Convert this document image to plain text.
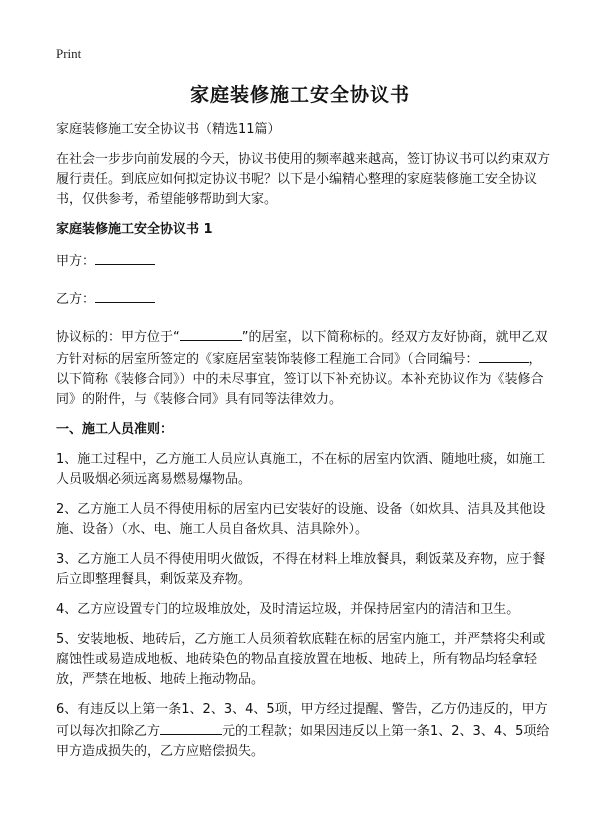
Print
家庭装修施工安全协议书

家庭装修施工安全协议书（精选11篇）

在社会一步步向前发展的今天，协议书使用的频率越来越高，签订协议书可以约束双方履行责任。到底应如何拟定协议书呢？以下是小编精心整理的家庭装修施工安全协议书，仅供参考，希望能够帮助到大家。

家庭装修施工安全协议书 1

甲方：

乙方：

协议标的：甲方位于“	”的居室，以下简称标的。经双方友好协商，就甲乙双方针对标的居室所签定的《家庭居室装饰装修工程施工合同》（合同编号：	，以下简称《装修合同》）中的未尽事宜，签订以下补充协议。本补充协议作为《装修合同》的附件，与《装修合同》具有同等法律效力。

一、施工人员准则：

1、施工过程中，乙方施工人员应认真施工，不在标的居室内饮酒、随地吐痰，如施工人员吸烟必须远离易燃易爆物品。

2、乙方施工人员不得使用标的居室内已安装好的设施、设备（如炊具、洁具及其他设施、设备）（水、电、施工人员自备炊具、洁具除外）。

3、乙方施工人员不得使用明火做饭，不得在材料上堆放餐具，剩饭菜及弃物，应于餐后立即整理餐具，剩饭菜及弃物。

4、乙方应设置专门的垃圾堆放处，及时清运垃圾，并保持居室内的清洁和卫生。

5、安装地板、地砖后，乙方施工人员须着软底鞋在标的居室内施工，并严禁将尖利或腐蚀性或易造成地板、地砖染色的物品直接放置在地板、地砖上，所有物品均轻拿轻放，严禁在地板、地砖上拖动物品。

6、有违反以上第一条1、2、3、4、5项，甲方经过提醒、警告，乙方仍违反的，甲方可以每次扣除乙方	元的工程款；如果因违反以上第一条1、2、3、4、5项给甲方造成损失的，乙方应赔偿损失。
